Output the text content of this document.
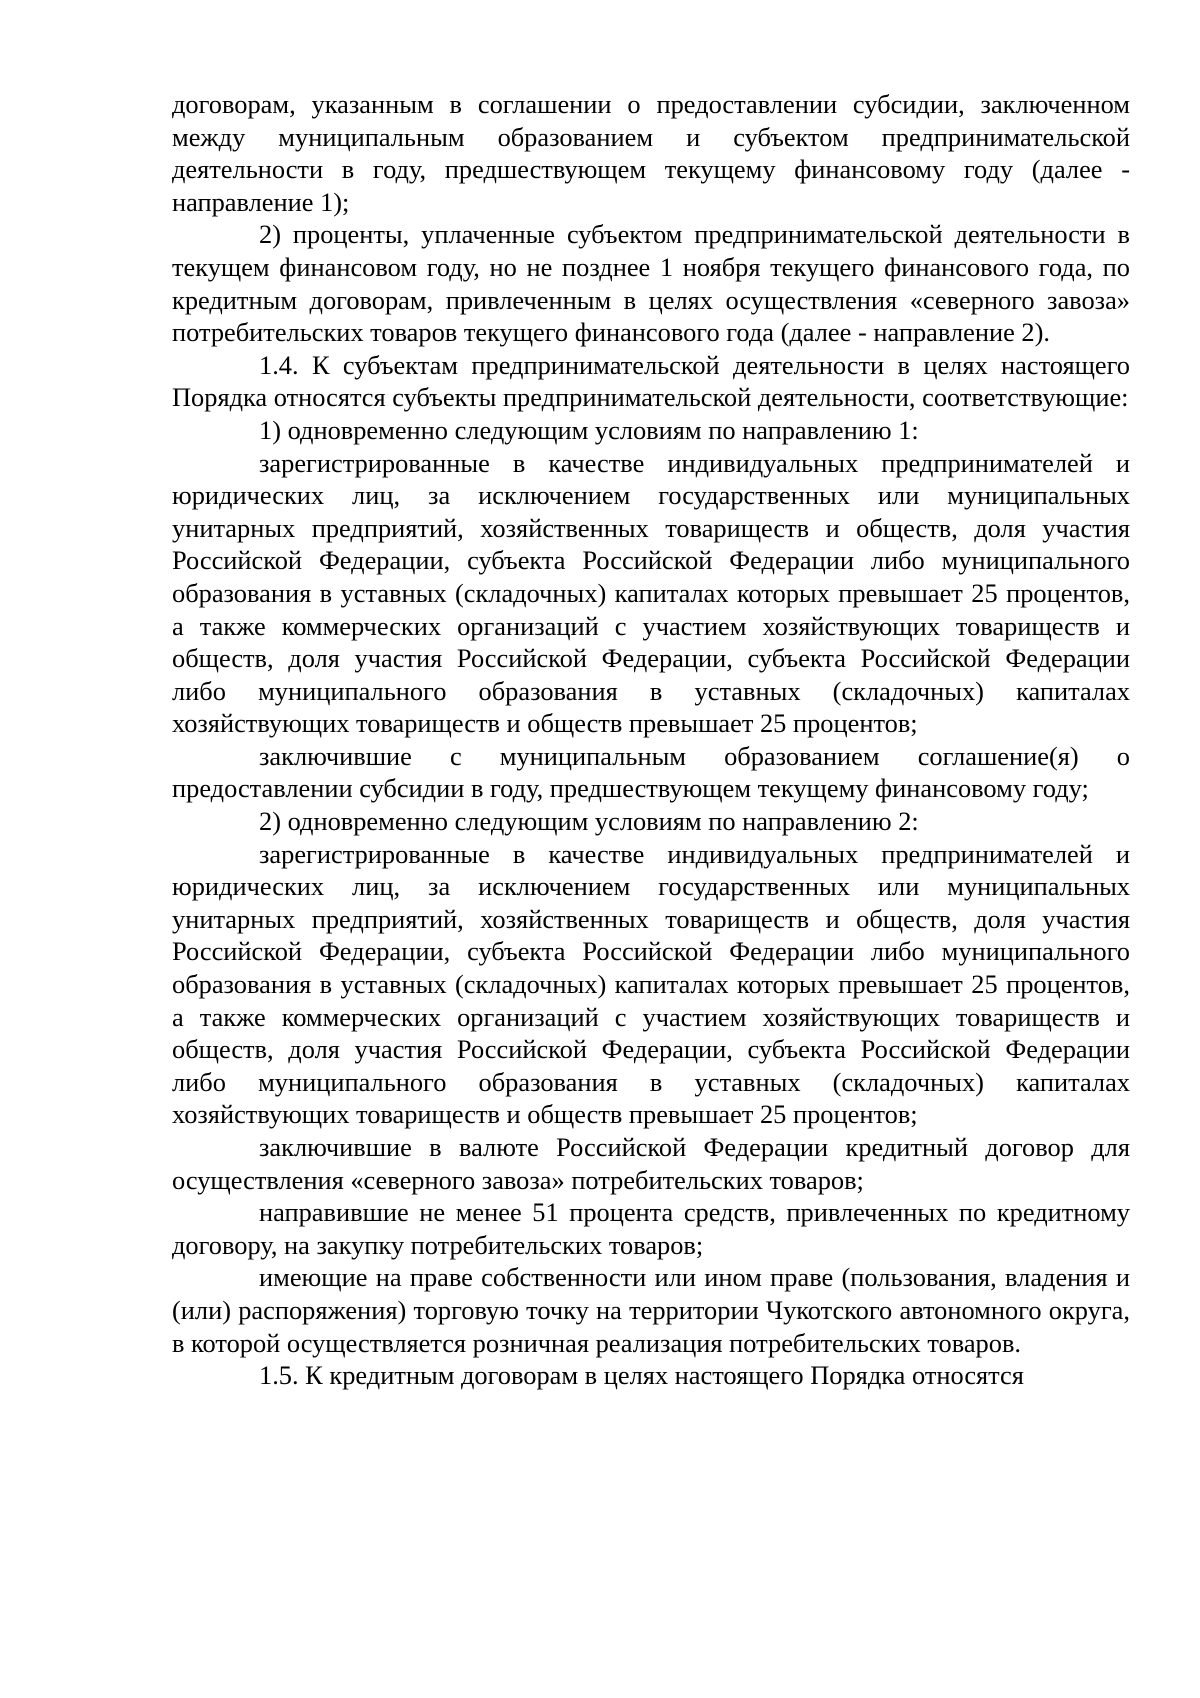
договорам, указанным в соглашении о предоставлении субсидии, заключенном между муниципальным образованием и субъектом предпринимательской деятельности в году, предшествующем текущему финансовому году (далее - направление 1);

2) проценты, уплаченные субъектом предпринимательской деятельности в текущем финансовом году, но не позднее 1 ноября текущего финансового года, по кредитным договорам, привлеченным в целях осуществления «северного завоза» потребительских товаров текущего финансового года (далее - направление 2).

1.4. К субъектам предпринимательской деятельности в целях настоящего Порядка относятся субъекты предпринимательской деятельности, соответствующие:

1) одновременно следующим условиям по направлению 1:

зарегистрированные в качестве индивидуальных предпринимателей и юридических лиц, за исключением государственных или муниципальных унитарных предприятий, хозяйственных товариществ и обществ, доля участия Российской Федерации, субъекта Российской Федерации либо муниципального образования в уставных (складочных) капиталах которых превышает 25 процентов, а также коммерческих организаций с участием хозяйствующих товариществ и обществ, доля участия Российской Федерации, субъекта Российской Федерации либо муниципального образования в уставных (складочных) капиталах хозяйствующих товариществ и обществ превышает 25 процентов;

заключившие с муниципальным образованием соглашение(я) о предоставлении субсидии в году, предшествующем текущему финансовому году;

2) одновременно следующим условиям по направлению 2:

зарегистрированные в качестве индивидуальных предпринимателей и юридических лиц, за исключением государственных или муниципальных унитарных предприятий, хозяйственных товариществ и обществ, доля участия Российской Федерации, субъекта Российской Федерации либо муниципального образования в уставных (складочных) капиталах которых превышает 25 процентов, а также коммерческих организаций с участием хозяйствующих товариществ и обществ, доля участия Российской Федерации, субъекта Российской Федерации либо муниципального образования в уставных (складочных) капиталах хозяйствующих товариществ и обществ превышает 25 процентов;

заключившие в валюте Российской Федерации кредитный договор для осуществления «северного завоза» потребительских товаров;

направившие не менее 51 процента средств, привлеченных по кредитному договору, на закупку потребительских товаров;

имеющие на праве собственности или ином праве (пользования, владения и (или) распоряжения) торговую точку на территории Чукотского автономного округа, в которой осуществляется розничная реализация потребительских товаров.

1.5. К кредитным договорам в целях настоящего Порядка относятся
